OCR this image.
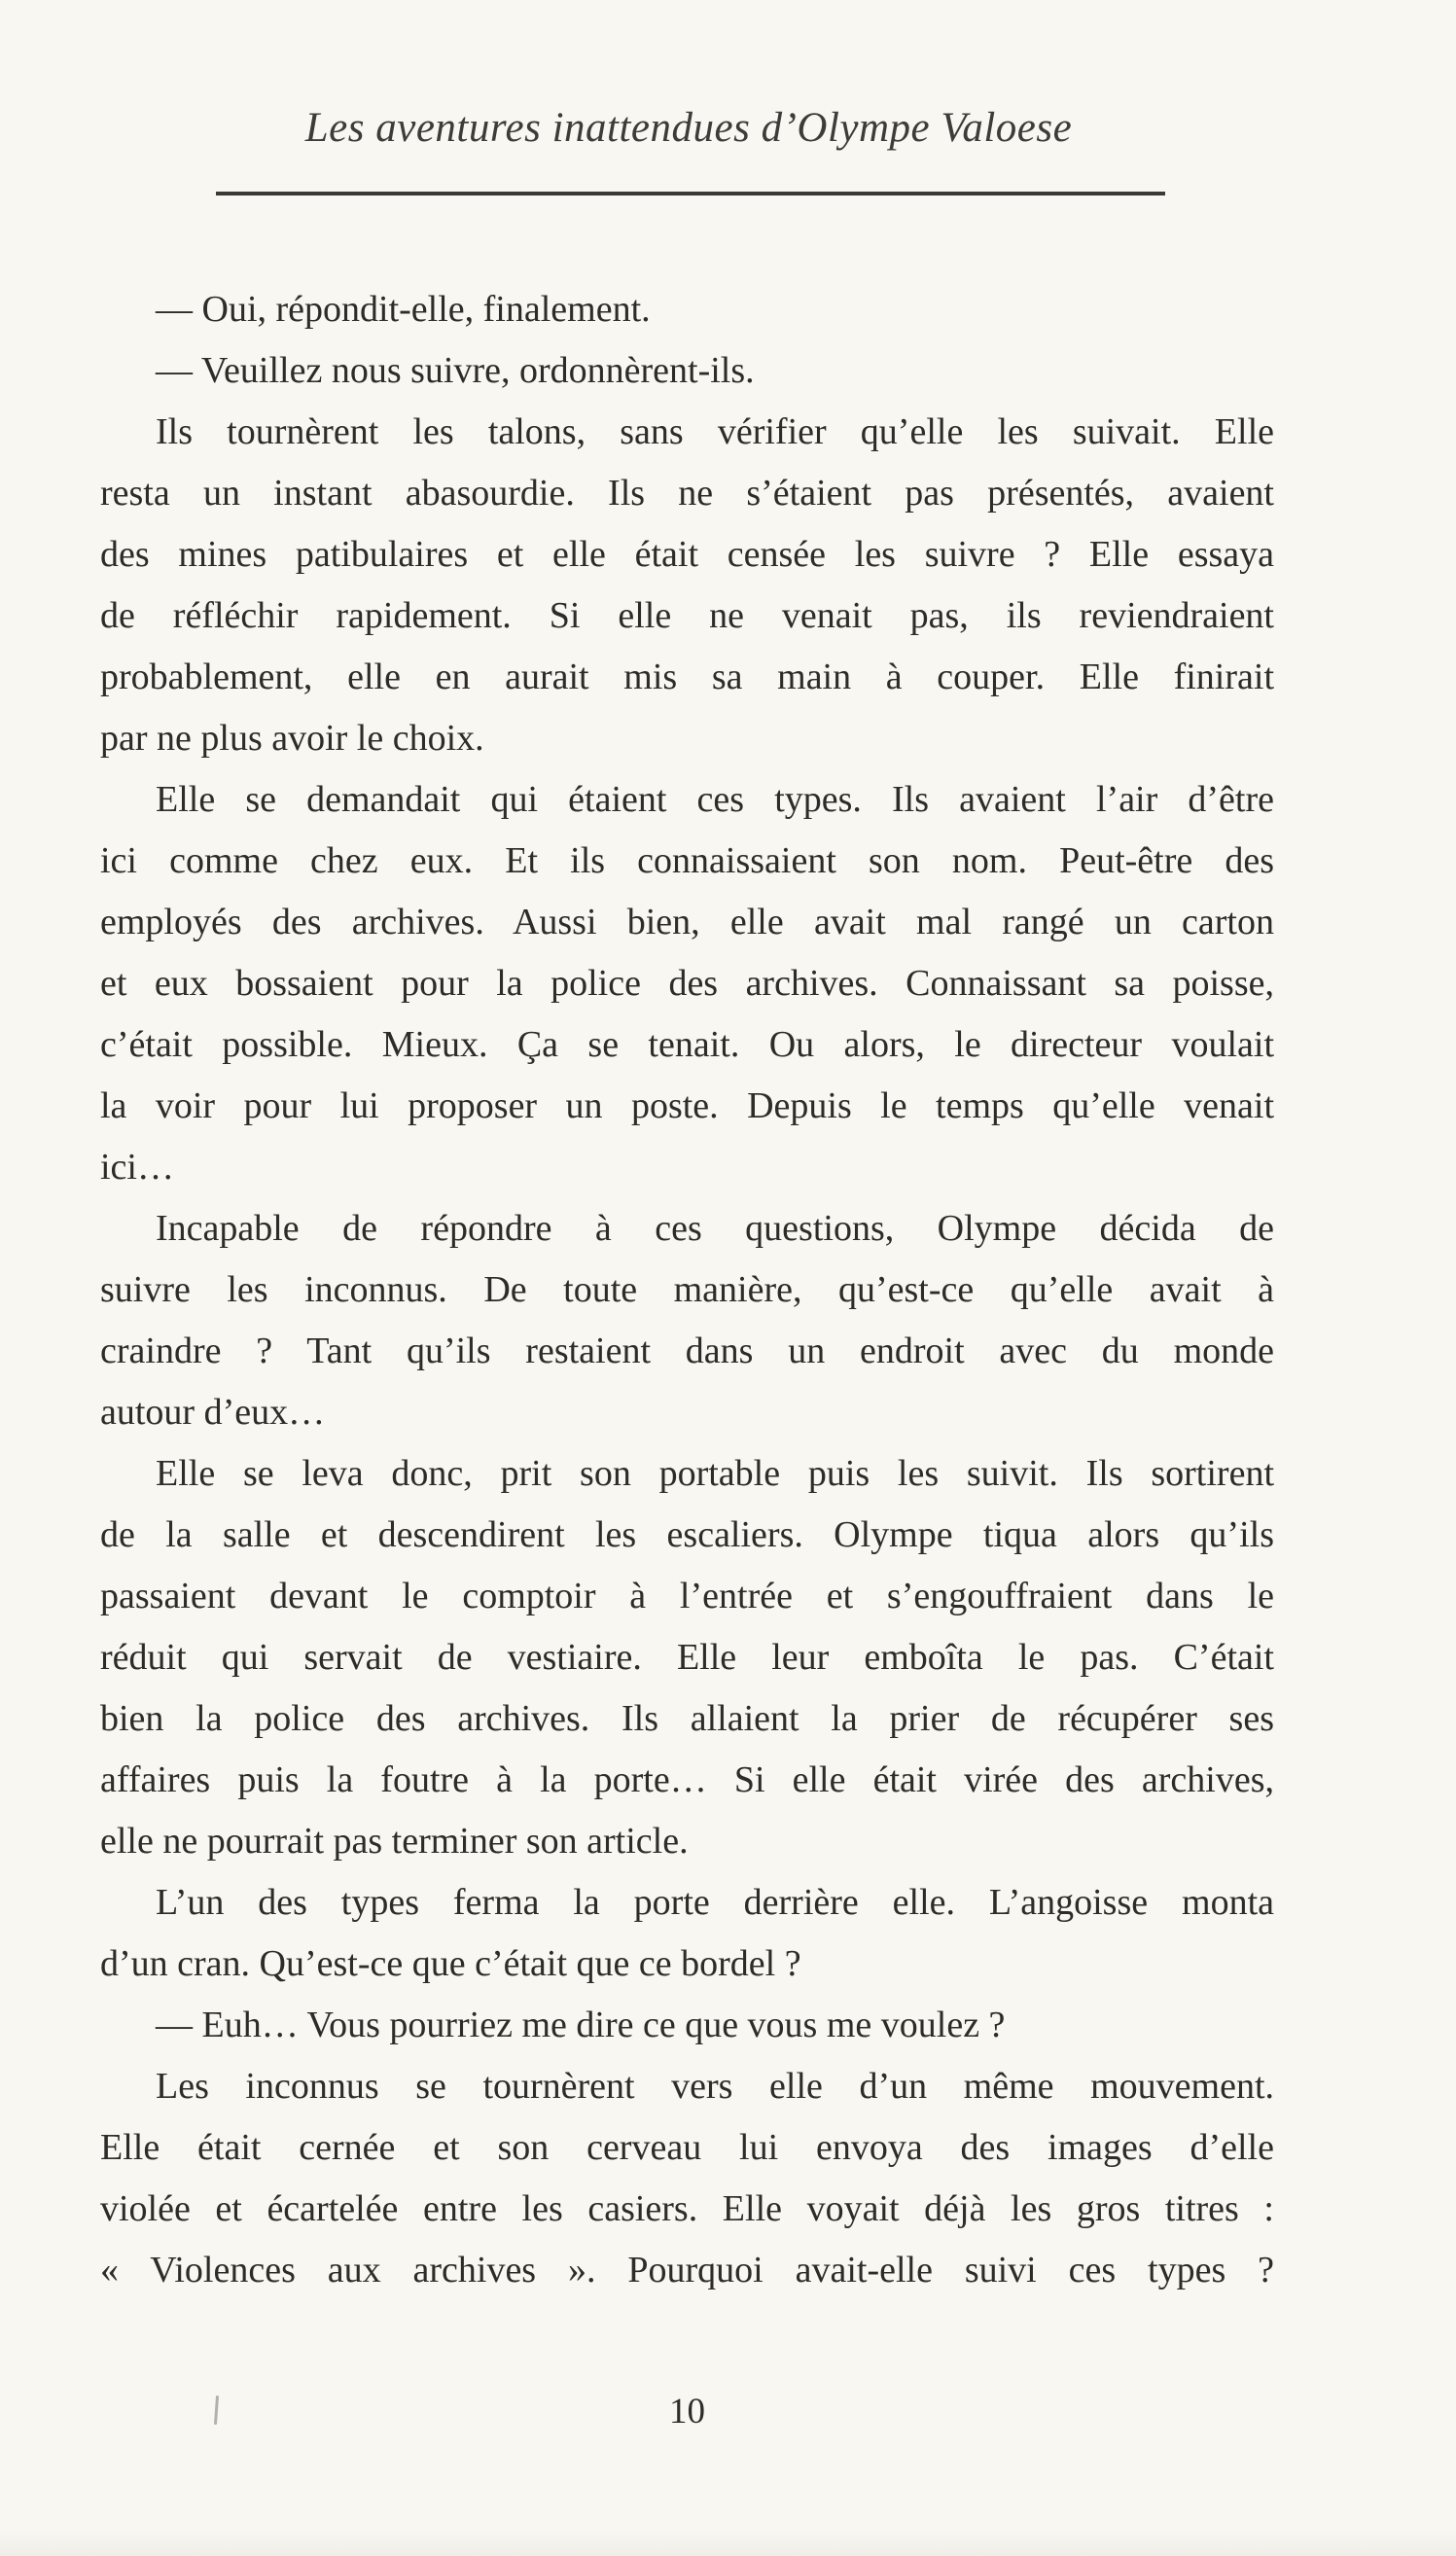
Les aventures inattendues d’Olympe Valoese
— Oui, répondit-elle, finalement.
— Veuillez nous suivre, ordonnèrent-ils.
Ils tournèrent les talons, sans vérifier qu’elle les suivait. Elle
resta un instant abasourdie. Ils ne s’étaient pas présentés, avaient
des mines patibulaires et elle était censée les suivre ? Elle essaya
de réfléchir rapidement. Si elle ne venait pas, ils reviendraient
probablement, elle en aurait mis sa main à couper. Elle finirait
par ne plus avoir le choix.
Elle se demandait qui étaient ces types. Ils avaient l’air d’être
ici comme chez eux. Et ils connaissaient son nom. Peut-être des
employés des archives. Aussi bien, elle avait mal rangé un carton
et eux bossaient pour la police des archives. Connaissant sa poisse,
c’était possible. Mieux. Ça se tenait. Ou alors, le directeur voulait
la voir pour lui proposer un poste. Depuis le temps qu’elle venait
ici…
Incapable de répondre à ces questions, Olympe décida de
suivre les inconnus. De toute manière, qu’est-ce qu’elle avait à
craindre ? Tant qu’ils restaient dans un endroit avec du monde
autour d’eux…
Elle se leva donc, prit son portable puis les suivit. Ils sortirent
de la salle et descendirent les escaliers. Olympe tiqua alors qu’ils
passaient devant le comptoir à l’entrée et s’engouffraient dans le
réduit qui servait de vestiaire. Elle leur emboîta le pas. C’était
bien la police des archives. Ils allaient la prier de récupérer ses
affaires puis la foutre à la porte… Si elle était virée des archives,
elle ne pourrait pas terminer son article.
L’un des types ferma la porte derrière elle. L’angoisse monta
d’un cran. Qu’est-ce que c’était que ce bordel ?
— Euh… Vous pourriez me dire ce que vous me voulez ?
Les inconnus se tournèrent vers elle d’un même mouvement.
Elle était cernée et son cerveau lui envoya des images d’elle
violée et écartelée entre les casiers. Elle voyait déjà les gros titres :
« Violences aux archives ». Pourquoi avait-elle suivi ces types ?
10
